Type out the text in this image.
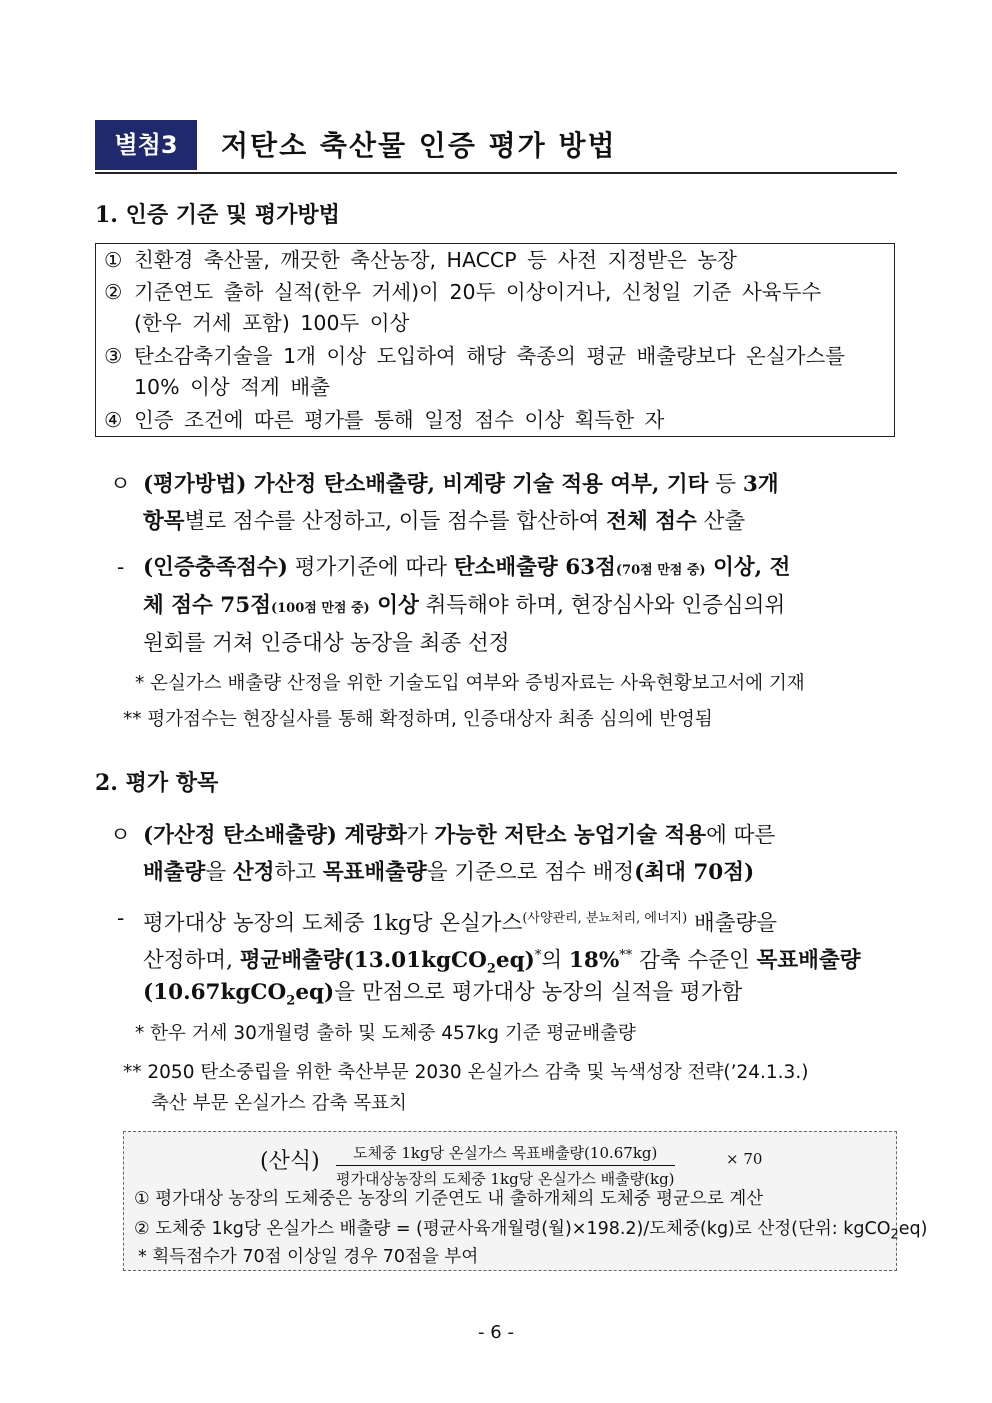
별첨3	저탄소 축산물 인증 평가 방법
1. 인증 기준 및 평가방법
① 친환경 축산물, 깨끗한 축산농장, HACCP 등 사전 지정받은 농장
② 기준연도 출하 실적(한우 거세)이 20두 이상이거나, 신청일 기준 사육두수
(한우 거세 포함) 100두 이상
③ 탄소감축기술을 1개 이상 도입하여 해당 축종의 평균 배출량보다 온실가스를
10% 이상 적게 배출
④ 인증 조건에 따른 평가를 통해 일정 점수 이상 획득한 자
ㅇ (평가방법) 가산정 탄소배출량, 비계량 기술 적용 여부, 기타 등 3개
항목별로 점수를 산정하고, 이들 점수를 합산하여 전체 점수 산출
- (인증충족점수) 평가기준에 따라 탄소배출량 63점(70점 만점 중) 이상, 전
체 점수 75점(100점 만점 중) 이상 취득해야 하며, 현장심사와 인증심의위
원회를 거쳐 인증대상 농장을 최종 선정
* 온실가스 배출량 산정을 위한 기술도입 여부와 증빙자료는 사육현황보고서에 기재
** 평가점수는 현장실사를 통해 확정하며, 인증대상자 최종 심의에 반영됨
2. 평가 항목
ㅇ (가산정 탄소배출량) 계량화가 가능한 저탄소 농업기술 적용에 따른
배출량을 산정하고 목표배출량을 기준으로 점수 배정(최대 70점)
- 평가대상 농장의 도체중 1kg당 온실가스$^{(사양관리, 분뇨처리, 에너지)}$ 배출량을
산정하며, 평균배출량(13.01kgCO$_2$eq)*의 18%** 감축 수준인 목표배출량
(10.67kgCO$_2$eq)을 만점으로 평가대상 농장의 실적을 평가함
* 한우 거세 30개월령 출하 및 도체중 457kg 기준 평균배출량
** 2050 탄소중립을 위한 축산부문 2030 온실가스 감축 및 녹색성장 전략(’24.1.3.)
축산 부문 온실가스 감축 목표치
(산식)	도체중 1kg당 온실가스 목표배출량(10.67kg)
평가대상농장의 도체중 1kg당 온실가스 배출량(kg)
× 70
① 평가대상 농장의 도체중은 농장의 기준연도 내 출하개체의 도체중 평균으로 계산
② 도체중 1kg당 온실가스 배출량 = (평균사육개월령(월)×198.2)/도체중(kg)로 산정(단위: kgCO$_2$eq)
* 획득점수가 70점 이상일 경우 70점을 부여
- 6 -
